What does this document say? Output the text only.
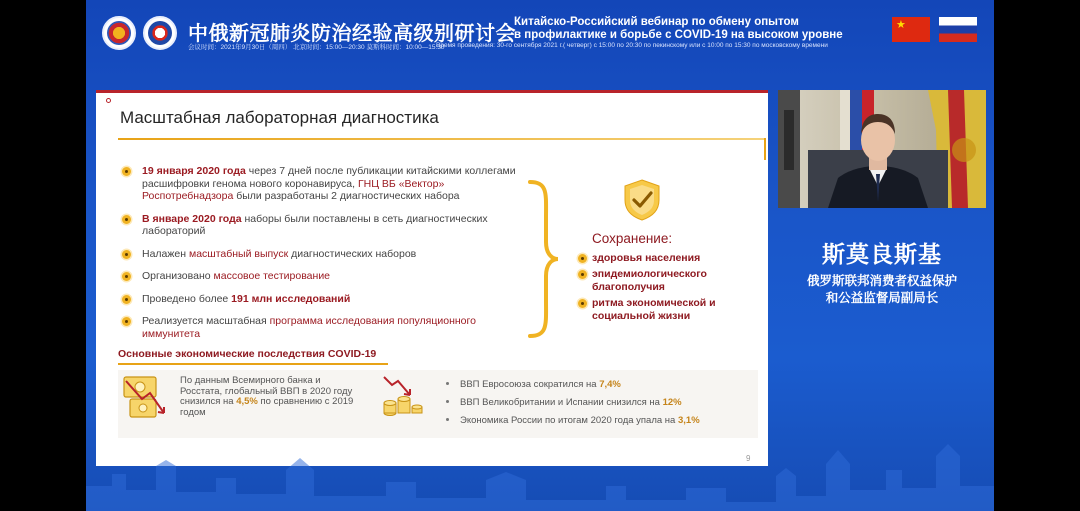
中俄新冠肺炎防治经验高级别研讨会
会议时间：2021年9月30日（周四） 北京时间：15:00—20:30 莫斯科时间：10:00—15:30
Китайско-Российский вебинар по обмену опытом
в профилактике и борьбе с COVID-19 на высоком уровне
Время проведения: 30-го сентября 2021 г.( четверг) с 15:00 по 20:30 по пекинскому или с 10:00 по 15:30 по московскому времени
★
Масштабная лабораторная диагностика
19 января 2020 года через 7 дней после публикации китайскими коллегами расшифровки генома нового коронавируса, ГНЦ ВБ «Вектор» Роспотребнадзора были разработаны 2 диагностических набора
В январе 2020 года наборы были поставлены в сеть диагностических лабораторий
Налажен масштабный выпуск диагностических наборов
Организовано массовое тестирование
Проведено более 191 млн исследований
Реализуется масштабная программа исследования популяционного иммунитета
Сохранение:
здоровья населения
эпидемиологического благополучия
ритма экономической и социальной жизни
Основные экономические последствия COVID-19
По данным Всемирного банка и Росстата, глобальный ВВП в 2020 году снизился на 4,5% по сравнению с 2019 годом
ВВП Евросоюза сократился на 7,4%
ВВП Великобритании и Испании снизился на 12%
Экономика России по итогам 2020 года упала на 3,1%
9
斯莫良斯基
俄罗斯联邦消费者权益保护
和公益监督局副局长
